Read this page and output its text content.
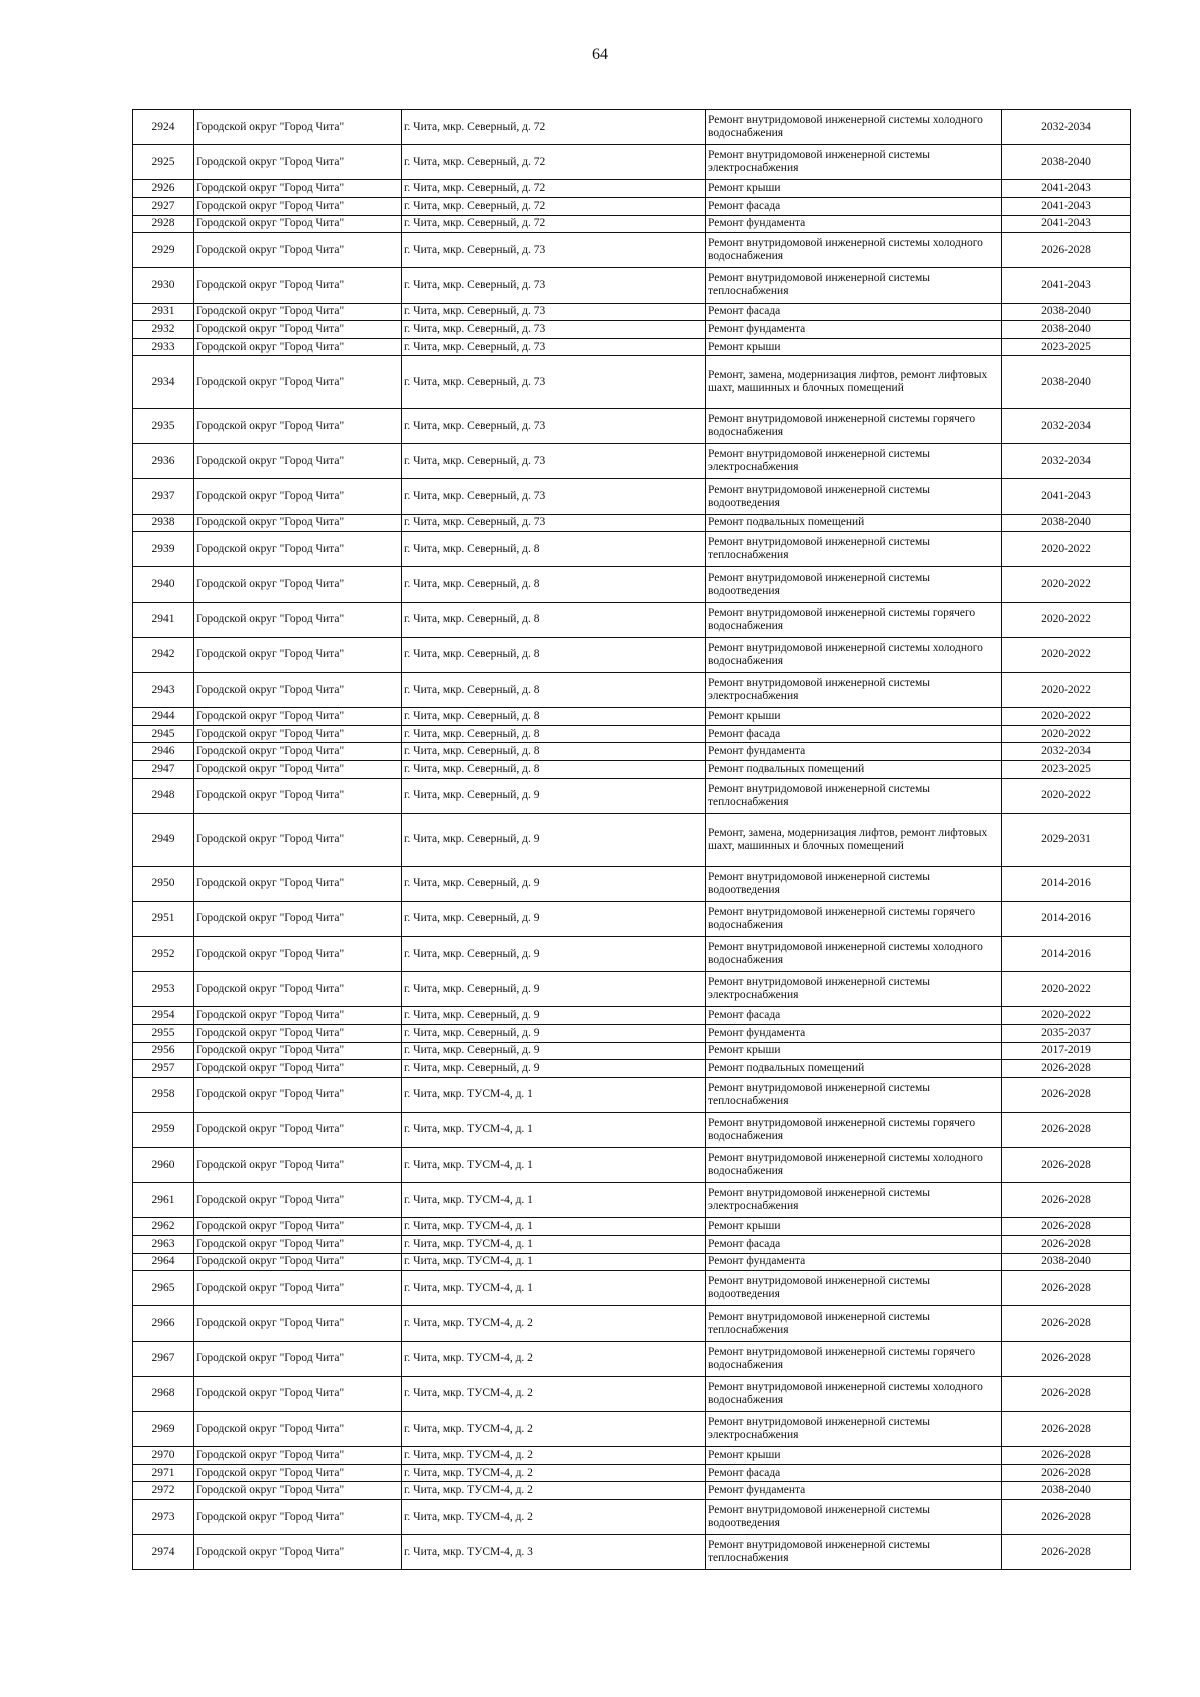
64
2924	Городской округ "Город Чита"	г. Чита, мкр. Северный, д. 72	Ремонт внутридомовой инженерной системы холодного водоснабжения	2032-2034
2925	Городской округ "Город Чита"	г. Чита, мкр. Северный, д. 72	Ремонт внутридомовой инженерной системы электроснабжения	2038-2040
2926	Городской округ "Город Чита"	г. Чита, мкр. Северный, д. 72	Ремонт крыши	2041-2043
2927	Городской округ "Город Чита"	г. Чита, мкр. Северный, д. 72	Ремонт фасада	2041-2043
2928	Городской округ "Город Чита"	г. Чита, мкр. Северный, д. 72	Ремонт фундамента	2041-2043
2929	Городской округ "Город Чита"	г. Чита, мкр. Северный, д. 73	Ремонт внутридомовой инженерной системы холодного водоснабжения	2026-2028
2930	Городской округ "Город Чита"	г. Чита, мкр. Северный, д. 73	Ремонт внутридомовой инженерной системы теплоснабжения	2041-2043
2931	Городской округ "Город Чита"	г. Чита, мкр. Северный, д. 73	Ремонт фасада	2038-2040
2932	Городской округ "Город Чита"	г. Чита, мкр. Северный, д. 73	Ремонт фундамента	2038-2040
2933	Городской округ "Город Чита"	г. Чита, мкр. Северный, д. 73	Ремонт крыши	2023-2025
2934	Городской округ "Город Чита"	г. Чита, мкр. Северный, д. 73	Ремонт, замена, модернизация лифтов, ремонт лифтовых шахт, машинных и блочных помещений	2038-2040
2935	Городской округ "Город Чита"	г. Чита, мкр. Северный, д. 73	Ремонт внутридомовой инженерной системы горячего водоснабжения	2032-2034
2936	Городской округ "Город Чита"	г. Чита, мкр. Северный, д. 73	Ремонт внутридомовой инженерной системы электроснабжения	2032-2034
2937	Городской округ "Город Чита"	г. Чита, мкр. Северный, д. 73	Ремонт внутридомовой инженерной системы водоотведения	2041-2043
2938	Городской округ "Город Чита"	г. Чита, мкр. Северный, д. 73	Ремонт подвальных помещений	2038-2040
2939	Городской округ "Город Чита"	г. Чита, мкр. Северный, д. 8	Ремонт внутридомовой инженерной системы теплоснабжения	2020-2022
2940	Городской округ "Город Чита"	г. Чита, мкр. Северный, д. 8	Ремонт внутридомовой инженерной системы водоотведения	2020-2022
2941	Городской округ "Город Чита"	г. Чита, мкр. Северный, д. 8	Ремонт внутридомовой инженерной системы горячего водоснабжения	2020-2022
2942	Городской округ "Город Чита"	г. Чита, мкр. Северный, д. 8	Ремонт внутридомовой инженерной системы холодного водоснабжения	2020-2022
2943	Городской округ "Город Чита"	г. Чита, мкр. Северный, д. 8	Ремонт внутридомовой инженерной системы электроснабжения	2020-2022
2944	Городской округ "Город Чита"	г. Чита, мкр. Северный, д. 8	Ремонт крыши	2020-2022
2945	Городской округ "Город Чита"	г. Чита, мкр. Северный, д. 8	Ремонт фасада	2020-2022
2946	Городской округ "Город Чита"	г. Чита, мкр. Северный, д. 8	Ремонт фундамента	2032-2034
2947	Городской округ "Город Чита"	г. Чита, мкр. Северный, д. 8	Ремонт подвальных помещений	2023-2025
2948	Городской округ "Город Чита"	г. Чита, мкр. Северный, д. 9	Ремонт внутридомовой инженерной системы теплоснабжения	2020-2022
2949	Городской округ "Город Чита"	г. Чита, мкр. Северный, д. 9	Ремонт, замена, модернизация лифтов, ремонт лифтовых шахт, машинных и блочных помещений	2029-2031
2950	Городской округ "Город Чита"	г. Чита, мкр. Северный, д. 9	Ремонт внутридомовой инженерной системы водоотведения	2014-2016
2951	Городской округ "Город Чита"	г. Чита, мкр. Северный, д. 9	Ремонт внутридомовой инженерной системы горячего водоснабжения	2014-2016
2952	Городской округ "Город Чита"	г. Чита, мкр. Северный, д. 9	Ремонт внутридомовой инженерной системы холодного водоснабжения	2014-2016
2953	Городской округ "Город Чита"	г. Чита, мкр. Северный, д. 9	Ремонт внутридомовой инженерной системы электроснабжения	2020-2022
2954	Городской округ "Город Чита"	г. Чита, мкр. Северный, д. 9	Ремонт фасада	2020-2022
2955	Городской округ "Город Чита"	г. Чита, мкр. Северный, д. 9	Ремонт фундамента	2035-2037
2956	Городской округ "Город Чита"	г. Чита, мкр. Северный, д. 9	Ремонт крыши	2017-2019
2957	Городской округ "Город Чита"	г. Чита, мкр. Северный, д. 9	Ремонт подвальных помещений	2026-2028
2958	Городской округ "Город Чита"	г. Чита, мкр. ТУСМ-4, д. 1	Ремонт внутридомовой инженерной системы теплоснабжения	2026-2028
2959	Городской округ "Город Чита"	г. Чита, мкр. ТУСМ-4, д. 1	Ремонт внутридомовой инженерной системы горячего водоснабжения	2026-2028
2960	Городской округ "Город Чита"	г. Чита, мкр. ТУСМ-4, д. 1	Ремонт внутридомовой инженерной системы холодного водоснабжения	2026-2028
2961	Городской округ "Город Чита"	г. Чита, мкр. ТУСМ-4, д. 1	Ремонт внутридомовой инженерной системы электроснабжения	2026-2028
2962	Городской округ "Город Чита"	г. Чита, мкр. ТУСМ-4, д. 1	Ремонт крыши	2026-2028
2963	Городской округ "Город Чита"	г. Чита, мкр. ТУСМ-4, д. 1	Ремонт фасада	2026-2028
2964	Городской округ "Город Чита"	г. Чита, мкр. ТУСМ-4, д. 1	Ремонт фундамента	2038-2040
2965	Городской округ "Город Чита"	г. Чита, мкр. ТУСМ-4, д. 1	Ремонт внутридомовой инженерной системы водоотведения	2026-2028
2966	Городской округ "Город Чита"	г. Чита, мкр. ТУСМ-4, д. 2	Ремонт внутридомовой инженерной системы теплоснабжения	2026-2028
2967	Городской округ "Город Чита"	г. Чита, мкр. ТУСМ-4, д. 2	Ремонт внутридомовой инженерной системы горячего водоснабжения	2026-2028
2968	Городской округ "Город Чита"	г. Чита, мкр. ТУСМ-4, д. 2	Ремонт внутридомовой инженерной системы холодного водоснабжения	2026-2028
2969	Городской округ "Город Чита"	г. Чита, мкр. ТУСМ-4, д. 2	Ремонт внутридомовой инженерной системы электроснабжения	2026-2028
2970	Городской округ "Город Чита"	г. Чита, мкр. ТУСМ-4, д. 2	Ремонт крыши	2026-2028
2971	Городской округ "Город Чита"	г. Чита, мкр. ТУСМ-4, д. 2	Ремонт фасада	2026-2028
2972	Городской округ "Город Чита"	г. Чита, мкр. ТУСМ-4, д. 2	Ремонт фундамента	2038-2040
2973	Городской округ "Город Чита"	г. Чита, мкр. ТУСМ-4, д. 2	Ремонт внутридомовой инженерной системы водоотведения	2026-2028
2974	Городской округ "Город Чита"	г. Чита, мкр. ТУСМ-4, д. 3	Ремонт внутридомовой инженерной системы теплоснабжения	2026-2028
